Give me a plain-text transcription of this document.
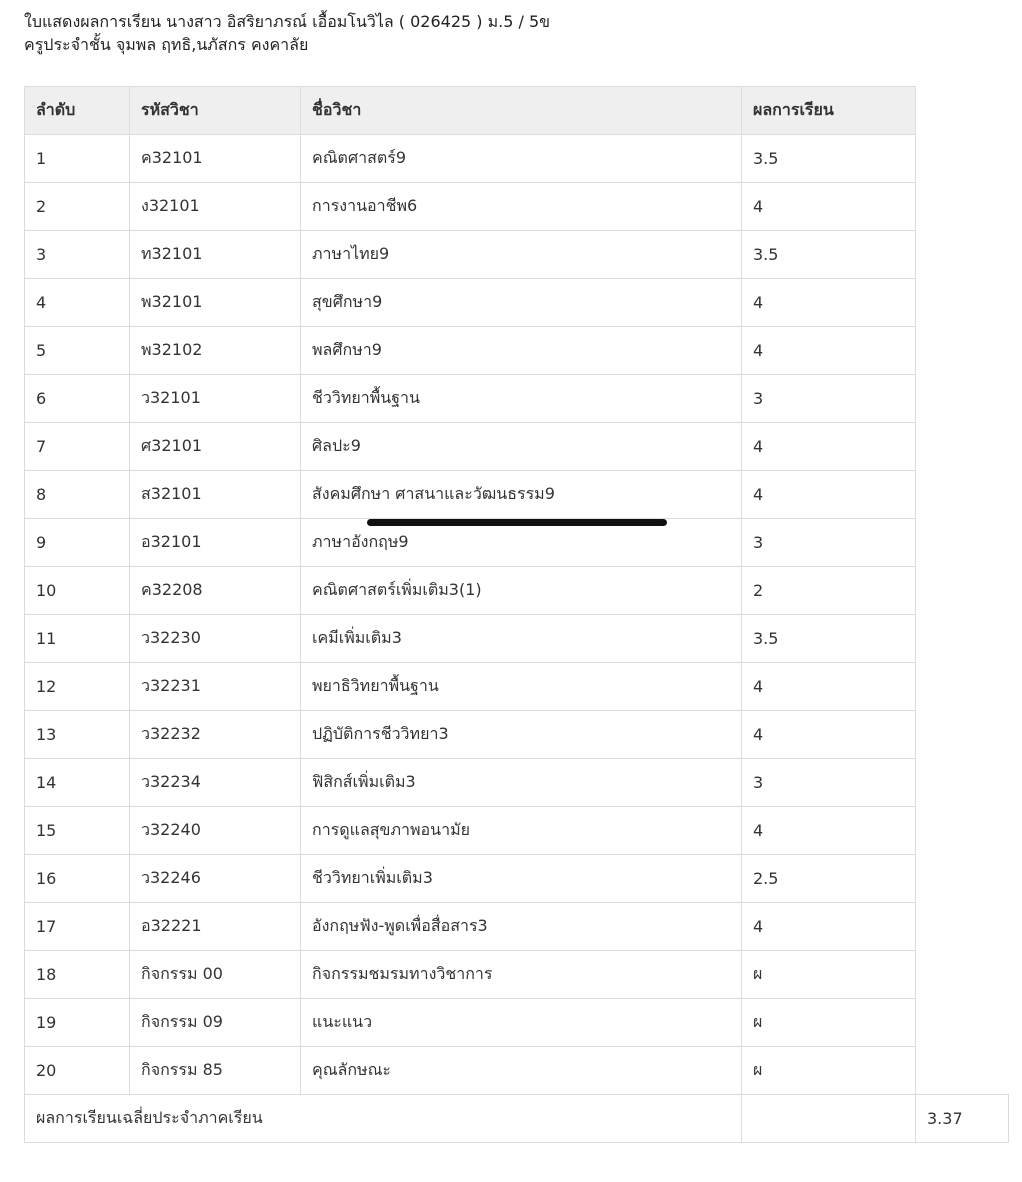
ใบแสดงผลการเรียน นางสาว อิสริยาภรณ์ เอื้อมโนวิไล ( 026425 ) ม.5 / 5ข
ครูประจำชั้น จุมพล ฤทธิ,นภัสกร คงคาลัย
ลำดับ	รหัสวิชา	ชื่อวิชา	ผลการเรียน	
1	ค32101	คณิตศาสตร์9	3.5	
2	ง32101	การงานอาชีพ6	4	
3	ท32101	ภาษาไทย9	3.5	
4	พ32101	สุขศึกษา9	4	
5	พ32102	พลศึกษา9	4	
6	ว32101	ชีววิทยาพื้นฐาน	3	
7	ศ32101	ศิลปะ9	4	
8	ส32101	สังคมศึกษา ศาสนาและวัฒนธรรม9	4	
9	อ32101	ภาษาอังกฤษ9	3	
10	ค32208	คณิตศาสตร์เพิ่มเติม3(1)	2	
11	ว32230	เคมีเพิ่มเติม3	3.5	
12	ว32231	พยาธิวิทยาพื้นฐาน	4	
13	ว32232	ปฏิบัติการชีววิทยา3	4	
14	ว32234	ฟิสิกส์เพิ่มเติม3	3	
15	ว32240	การดูแลสุขภาพอนามัย	4	
16	ว32246	ชีววิทยาเพิ่มเติม3	2.5	
17	อ32221	อังกฤษฟัง-พูดเพื่อสื่อสาร3	4	
18	กิจกรรม 00	กิจกรรมชมรมทางวิชาการ	ผ	
19	กิจกรรม 09	แนะแนว	ผ	
20	กิจกรรม 85	คุณลักษณะ	ผ	
ผลการเรียนเฉลี่ยประจำภาคเรียน				3.37
